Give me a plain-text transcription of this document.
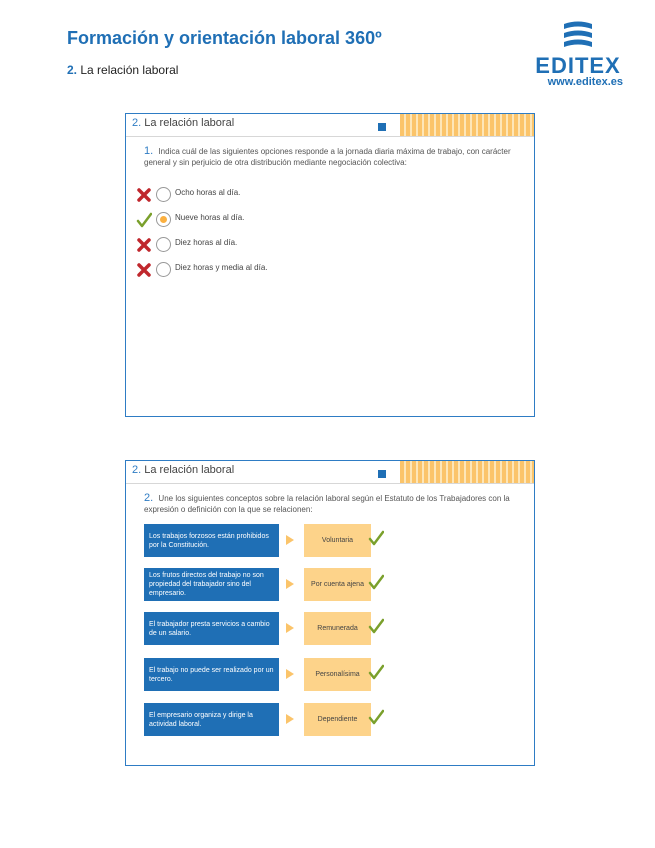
Formación y orientación laboral 360º
2. La relación laboral	EDITEX
www.editex.es
2. La relación laboral
1. Indica cuál de las siguientes opciones responde a la jornada diaria máxima de trabajo, con carácter general y sin perjuicio de otra distribución mediante negociación colectiva:
Ocho horas al día.
Nueve horas al día.
Diez horas al día.
Diez horas y media al día.
2. La relación laboral
2. Une los siguientes conceptos sobre la relación laboral según el Estatuto de los Trabajadores con la expresión o definición con la que se relacionen:
Los trabajos forzosos están prohibidos por la Constitución.
Voluntaria
Los frutos directos del trabajo no son propiedad del trabajador sino del empresario.
Por cuenta ajena
El trabajador presta servicios a cambio de un salario.
Remunerada
El trabajo no puede ser realizado por un tercero.
Personalísima
El empresario organiza y dirige la actividad laboral.
Dependiente
